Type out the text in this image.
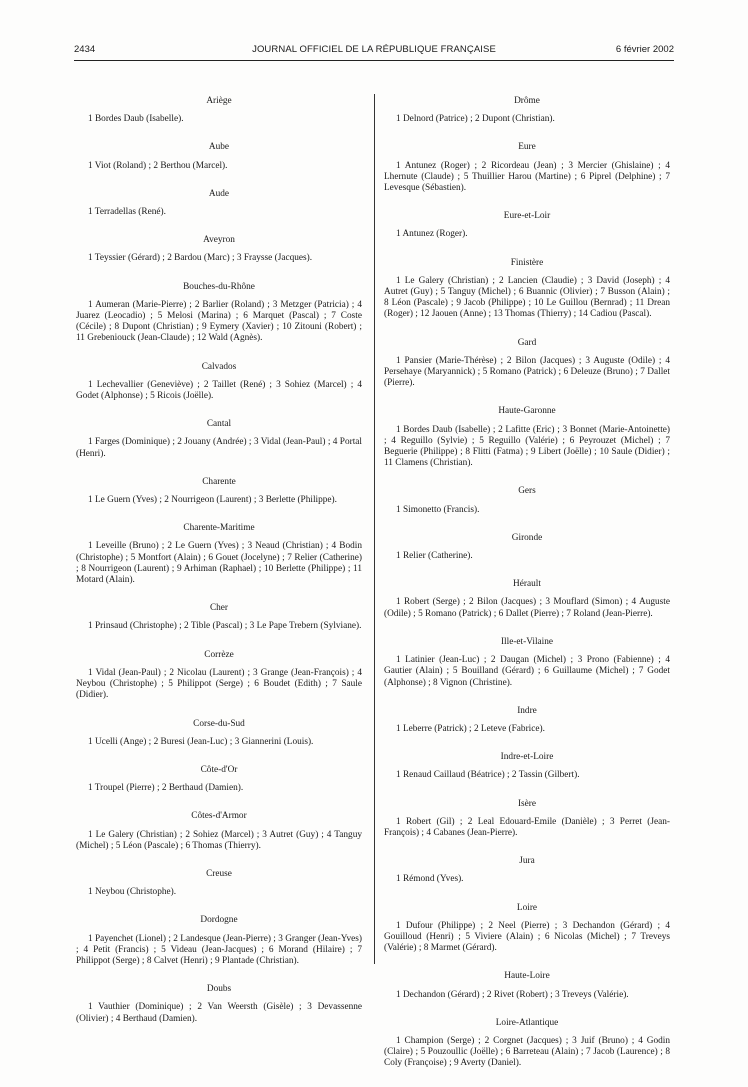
2434	JOURNAL OFFICIEL DE LA RÉPUBLIQUE FRANÇAISE	6 février 2002
Ariège
1 Bordes Daub (Isabelle).
Aube
1 Viot (Roland) ; 2 Berthou (Marcel).
Aude
1 Terradellas (René).
Aveyron
1 Teyssier (Gérard) ; 2 Bardou (Marc) ; 3 Fraysse (Jacques).
Bouches-du-Rhône
1 Aumeran (Marie-Pierre) ; 2 Barlier (Roland) ; 3 Metzger (Patricia) ; 4 Juarez (Leocadio) ; 5 Melosi (Marina) ; 6 Marquet (Pascal) ; 7 Coste (Cécile) ; 8 Dupont (Christian) ; 9 Eymery (Xavier) ; 10 Zitouni (Robert) ; 11 Grebeniouck (Jean-Claude) ; 12 Wald (Agnès).
Calvados
1 Lechevallier (Geneviève) ; 2 Taillet (René) ; 3 Sohiez (Marcel) ; 4 Godet (Alphonse) ; 5 Ricois (Joëlle).
Cantal
1 Farges (Dominique) ; 2 Jouany (Andrée) ; 3 Vidal (Jean-Paul) ; 4 Portal (Henri).
Charente
1 Le Guern (Yves) ; 2 Nourrigeon (Laurent) ; 3 Berlette (Philippe).
Charente-Maritime
1 Leveille (Bruno) ; 2 Le Guern (Yves) ; 3 Neaud (Christian) ; 4 Bodin (Christophe) ; 5 Montfort (Alain) ; 6 Gouet (Jocelyne) ; 7 Relier (Catherine) ; 8 Nourrigeon (Laurent) ; 9 Arhiman (Raphael) ; 10 Berlette (Philippe) ; 11 Motard (Alain).
Cher
1 Prinsaud (Christophe) ; 2 Tible (Pascal) ; 3 Le Pape Trebern (Sylviane).
Corrèze
1 Vidal (Jean-Paul) ; 2 Nicolau (Laurent) ; 3 Grange (Jean-François) ; 4 Neybou (Christophe) ; 5 Philippot (Serge) ; 6 Boudet (Edith) ; 7 Saule (Didier).
Corse-du-Sud
1 Ucelli (Ange) ; 2 Buresi (Jean-Luc) ; 3 Giannerini (Louis).
Côte-d'Or
1 Troupel (Pierre) ; 2 Berthaud (Damien).
Côtes-d'Armor
1 Le Galery (Christian) ; 2 Sohiez (Marcel) ; 3 Autret (Guy) ; 4 Tanguy (Michel) ; 5 Léon (Pascale) ; 6 Thomas (Thierry).
Creuse
1 Neybou (Christophe).
Dordogne
1 Payenchet (Lionel) ; 2 Landesque (Jean-Pierre) ; 3 Granger (Jean-Yves) ; 4 Petit (Francis) ; 5 Videau (Jean-Jacques) ; 6 Morand (Hilaire) ; 7 Philippot (Serge) ; 8 Calvet (Henri) ; 9 Plantade (Christian).
Doubs
1 Vauthier (Dominique) ; 2 Van Weersth (Gisèle) ; 3 Devassenne (Olivier) ; 4 Berthaud (Damien).
Drôme
1 Delnord (Patrice) ; 2 Dupont (Christian).
Eure
1 Antunez (Roger) ; 2 Ricordeau (Jean) ; 3 Mercier (Ghislaine) ; 4 Lhernute (Claude) ; 5 Thuillier Harou (Martine) ; 6 Piprel (Delphine) ; 7 Levesque (Sébastien).
Eure-et-Loir
1 Antunez (Roger).
Finistère
1 Le Galery (Christian) ; 2 Lancien (Claudie) ; 3 David (Joseph) ; 4 Autret (Guy) ; 5 Tanguy (Michel) ; 6 Buannic (Olivier) ; 7 Busson (Alain) ; 8 Léon (Pascale) ; 9 Jacob (Philippe) ; 10 Le Guillou (Bernrad) ; 11 Drean (Roger) ; 12 Jaouen (Anne) ; 13 Thomas (Thierry) ; 14 Cadiou (Pascal).
Gard
1 Pansier (Marie-Thérèse) ; 2 Bilon (Jacques) ; 3 Auguste (Odile) ; 4 Persehaye (Maryannick) ; 5 Romano (Patrick) ; 6 Deleuze (Bruno) ; 7 Dallet (Pierre).
Haute-Garonne
1 Bordes Daub (Isabelle) ; 2 Lafitte (Eric) ; 3 Bonnet (Marie-Antoinette) ; 4 Reguillo (Sylvie) ; 5 Reguillo (Valérie) ; 6 Peyrouzet (Michel) ; 7 Beguerie (Philippe) ; 8 Flitti (Fatma) ; 9 Libert (Joëlle) ; 10 Saule (Didier) ; 11 Clamens (Christian).
Gers
1 Simonetto (Francis).
Gironde
1 Relier (Catherine).
Hérault
1 Robert (Serge) ; 2 Bilon (Jacques) ; 3 Mouflard (Simon) ; 4 Auguste (Odile) ; 5 Romano (Patrick) ; 6 Dallet (Pierre) ; 7 Roland (Jean-Pierre).
Ille-et-Vilaine
1 Latinier (Jean-Luc) ; 2 Daugan (Michel) ; 3 Prono (Fabienne) ; 4 Gautier (Alain) ; 5 Bouilland (Gérard) ; 6 Guillaume (Michel) ; 7 Godet (Alphonse) ; 8 Vignon (Christine).
Indre
1 Leberre (Patrick) ; 2 Leteve (Fabrice).
Indre-et-Loire
1 Renaud Caillaud (Béatrice) ; 2 Tassin (Gilbert).
Isère
1 Robert (Gil) ; 2 Leal Edouard-Emile (Danièle) ; 3 Perret (Jean-François) ; 4 Cabanes (Jean-Pierre).
Jura
1 Rémond (Yves).
Loire
1 Dufour (Philippe) ; 2 Neel (Pierre) ; 3 Dechandon (Gérard) ; 4 Gouilloud (Henri) ; 5 Viviere (Alain) ; 6 Nicolas (Michel) ; 7 Treveys (Valérie) ; 8 Marmet (Gérard).
Haute-Loire
1 Dechandon (Gérard) ; 2 Rivet (Robert) ; 3 Treveys (Valérie).
Loire-Atlantique
1 Champion (Serge) ; 2 Corgnet (Jacques) ; 3 Juif (Bruno) ; 4 Godin (Claire) ; 5 Pouzoullic (Joëlle) ; 6 Barreteau (Alain) ; 7 Jacob (Laurence) ; 8 Coly (Françoise) ; 9 Averty (Daniel).
